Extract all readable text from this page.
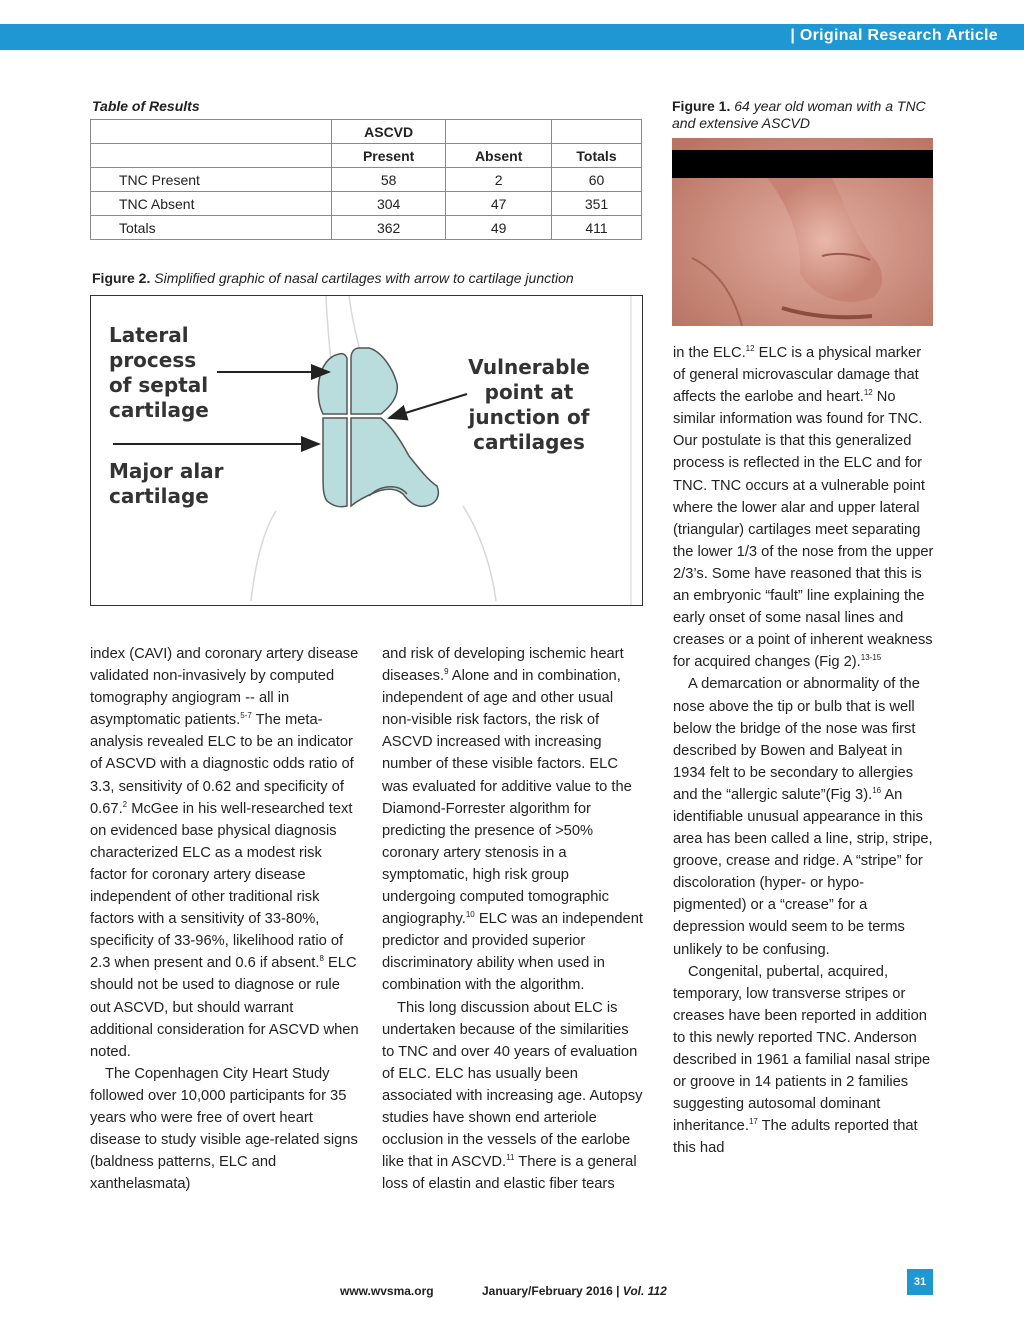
| Original Research Article
Table of Results
	ASCVD		
	Present	Absent	Totals
TNC Present	58	2	60
TNC Absent	304	47	351
Totals	362	49	411
Figure 2. Simplified graphic of nasal cartilages with arrow to cartilage junction
Lateral
process
of septal
cartilage
Major alar
cartilage
Vulnerable
point at
junction of
cartilages
Figure 1. 64 year old woman with a TNC and extensive ASCVD

index (CAVI) and coronary artery disease validated non-invasively by computed tomography angiogram -- all in asymptomatic patients.$^{5-7}$ The meta-analysis revealed ELC to be an indicator of ASCVD with a diagnostic odds ratio of 3.3, sensitivity of 0.62 and specificity of 0.67.$^2$ McGee in his well-researched text on evidenced base physical diagnosis characterized ELC as a modest risk factor for coronary artery disease independent of other traditional risk factors with a sensitivity of 33-80%, specificity of 33-96%, likelihood ratio of 2.3 when present and 0.6 if absent.$^8$ ELC should not be used to diagnose or rule out ASCVD, but should warrant additional consideration for ASCVD when noted.

The Copenhagen City Heart Study followed over 10,000 participants for 35 years who were free of overt heart disease to study visible age-related signs (baldness patterns, ELC and xanthelasmata)

and risk of developing ischemic heart diseases.$^9$ Alone and in combination, independent of age and other usual non-visible risk factors, the risk of ASCVD increased with increasing number of these visible factors. ELC was evaluated for additive value to the Diamond-Forrester algorithm for predicting the presence of >50% coronary artery stenosis in a symptomatic, high risk group undergoing computed tomographic angiography.$^{10}$ ELC was an independent predictor and provided superior discriminatory ability when used in combination with the algorithm.

This long discussion about ELC is undertaken because of the similarities to TNC and over 40 years of evaluation of ELC. ELC has usually been associated with increasing age. Autopsy studies have shown end arteriole occlusion in the vessels of the earlobe like that in ASCVD.$^{11}$ There is a general loss of elastin and elastic fiber tears

in the ELC.$^{12}$ ELC is a physical marker of general microvascular damage that affects the earlobe and heart.$^{12}$ No similar information was found for TNC. Our postulate is that this generalized process is reflected in the ELC and for TNC. TNC occurs at a vulnerable point where the lower alar and upper lateral (triangular) cartilages meet separating the lower 1/3 of the nose from the upper 2/3’s. Some have reasoned that this is an embryonic “fault” line explaining the early onset of some nasal lines and creases or a point of inherent weakness for acquired changes (Fig 2).$^{13-15}$

A demarcation or abnormality of the nose above the tip or bulb that is well below the bridge of the nose was first described by Bowen and Balyeat in 1934 felt to be secondary to allergies and the “allergic salute”(Fig 3).$^{16}$ An identifiable unusual appearance in this area has been called a line, strip, stripe, groove, crease and ridge. A “stripe” for discoloration (hyper- or hypo-pigmented) or a “crease” for a depression would seem to be terms unlikely to be confusing.

Congenital, pubertal, acquired, temporary, low transverse stripes or creases have been reported in addition to this newly reported TNC. Anderson described in 1961 a familial nasal stripe or groove in 14 patients in 2 families suggesting autosomal dominant inheritance.$^{17}$ The adults reported that this had

www.wvsma.org	January/February 2016 | Vol. 112
31
